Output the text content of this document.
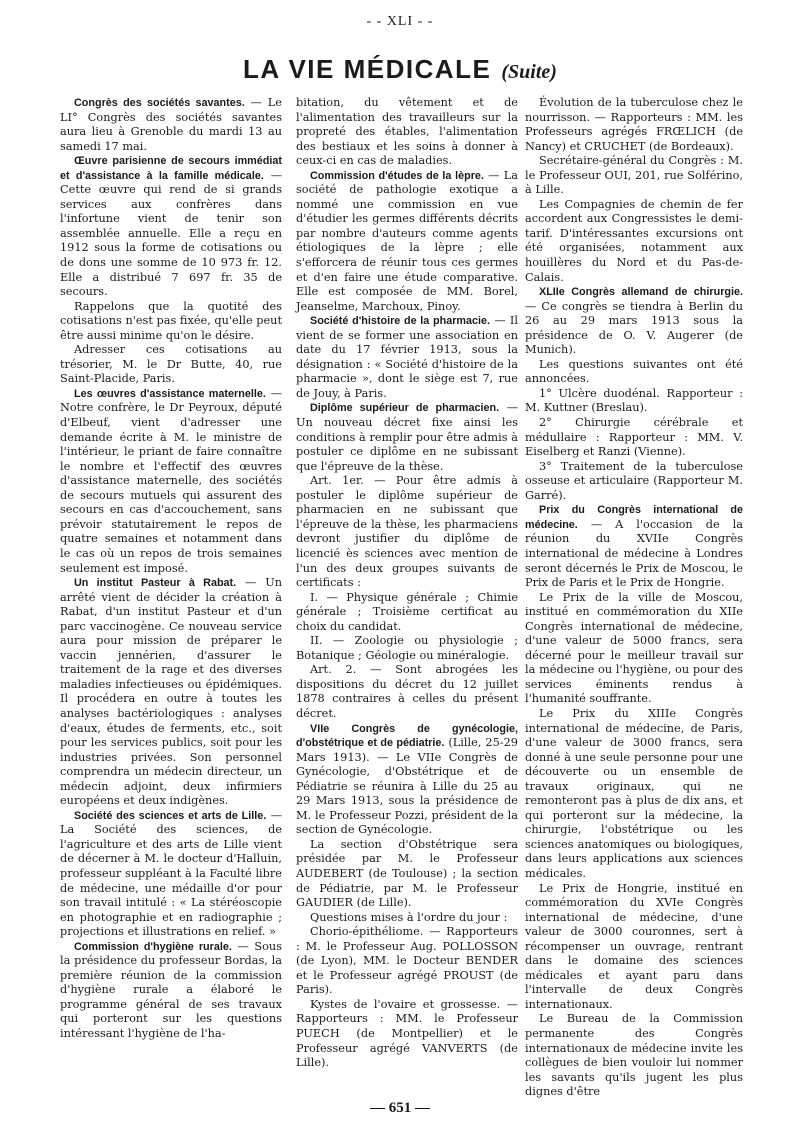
- - XLI - -
LA VIE MÉDICALE (Suite)

Congrès des sociétés savantes. — Le LI° Congrès des sociétés savantes aura lieu à Grenoble du mardi 13 au samedi 17 mai.

Œuvre parisienne de secours immédiat et d'assistance à la famille médicale. — Cette œuvre qui rend de si grands services aux confrères dans l'infortune vient de tenir son assemblée annuelle. Elle a reçu en 1912 sous la forme de cotisations ou de dons une somme de 10 973 fr. 12. Elle a distribué 7 697 fr. 35 de secours.

Rappelons que la quotité des cotisations n'est pas fixée, qu'elle peut être aussi minime qu'on le désire.

Adresser ces cotisations au trésorier, M. le Dr Butte, 40, rue Saint-Placide, Paris.

Les œuvres d'assistance maternelle. — Notre confrère, le Dr Peyroux, député d'Elbeuf, vient d'adresser une demande écrite à M. le ministre de l'intérieur, le priant de faire connaître le nombre et l'effectif des œuvres d'assistance maternelle, des sociétés de secours mutuels qui assurent des secours en cas d'accouchement, sans prévoir statutairement le repos de quatre semaines et notamment dans le cas où un repos de trois semaines seulement est imposé.

Un institut Pasteur à Rabat. — Un arrêté vient de décider la création à Rabat, d'un institut Pasteur et d'un parc vaccinogène. Ce nouveau service aura pour mission de préparer le vaccin jennérien, d'assurer le traitement de la rage et des diverses maladies infectieuses ou épidémiques. Il procédera en outre à toutes les analyses bactériologiques : analyses d'eaux, études de ferments, etc., soit pour les services publics, soit pour les industries privées. Son personnel comprendra un médecin directeur, un médecin adjoint, deux infirmiers européens et deux indigènes.

Société des sciences et arts de Lille. — La Société des sciences, de l'agriculture et des arts de Lille vient de décerner à M. le docteur d'Halluin, professeur suppléant à la Faculté libre de médecine, une médaille d'or pour son travail intitulé : « La stéréoscopie en photographie et en radiographie ; projections et illustrations en relief. »

Commission d'hygiène rurale. — Sous la présidence du professeur Bordas, la première réunion de la commission d'hygiène rurale a élaboré le programme général de ses travaux qui porteront sur les questions intéressant l'hygiène de l'ha-

bitation, du vêtement et de l'alimentation des travailleurs sur la propreté des étables, l'alimentation des bestiaux et les soins à donner à ceux-ci en cas de maladies.

Commission d'études de la lèpre. — La société de pathologie exotique a nommé une commission en vue d'étudier les germes différents décrits par nombre d'auteurs comme agents étiologiques de la lèpre ; elle s'efforcera de réunir tous ces germes et d'en faire une étude comparative. Elle est composée de MM. Borel, Jeanselme, Marchoux, Pinoy.

Société d'histoire de la pharmacie. — Il vient de se former une association en date du 17 février 1913, sous la désignation : « Société d'histoire de la pharmacie », dont le siège est 7, rue de Jouy, à Paris.

Diplôme supérieur de pharmacien. — Un nouveau décret fixe ainsi les conditions à remplir pour être admis à postuler ce diplôme en ne subissant que l'épreuve de la thèse.

Art. 1er. — Pour être admis à postuler le diplôme supérieur de pharmacien en ne subissant que l'épreuve de la thèse, les pharmaciens devront justifier du diplôme de licencié ès sciences avec mention de l'un des deux groupes suivants de certificats :

I. — Physique générale ; Chimie générale ; Troisième certificat au choix du candidat.

II. — Zoologie ou physiologie ; Botanique ; Géologie ou minéralogie.

Art. 2. — Sont abrogées les dispositions du décret du 12 juillet 1878 contraires à celles du présent décret.

VIIe Congrès de gynécologie, d'obstétrique et de pédiatrie. (Lille, 25-29 Mars 1913). — Le VIIe Congrès de Gynécologie, d'Obstétrique et de Pédiatrie se réunira à Lille du 25 au 29 Mars 1913, sous la présidence de M. le Professeur Pozzi, président de la section de Gynécologie.

La section d'Obstétrique sera présidée par M. le Professeur AUDEBERT (de Toulouse) ; la section de Pédiatrie, par M. le Professeur GAUDIER (de Lille).

Questions mises à l'ordre du jour :

Chorio-épithéliome. — Rapporteurs : M. le Professeur Aug. POLLOSSON (de Lyon), MM. le Docteur BENDER et le Professeur agrégé PROUST (de Paris).

Kystes de l'ovaire et grossesse. — Rapporteurs : MM. le Professeur PUECH (de Montpellier) et le Professeur agrégé VANVERTS (de Lille).

Évolution de la tuberculose chez le nourrisson. — Rapporteurs : MM. les Professeurs agrégés FRŒLICH (de Nancy) et CRUCHET (de Bordeaux).

Secrétaire-général du Congrès : M. le Professeur OUI, 201, rue Solférino, à Lille.

Les Compagnies de chemin de fer accordent aux Congressistes le demi-tarif. D'intéressantes excursions ont été organisées, notamment aux houillères du Nord et du Pas-de-Calais.

XLIIe Congrès allemand de chirurgie. — Ce congrès se tiendra à Berlin du 26 au 29 mars 1913 sous la présidence de O. V. Augerer (de Munich).

Les questions suivantes ont été annoncées.

1° Ulcère duodénal. Rapporteur : M. Kuttner (Breslau).

2° Chirurgie cérébrale et médullaire : Rapporteur : MM. V. Eiselberg et Ranzi (Vienne).

3° Traitement de la tuberculose osseuse et articulaire (Rapporteur M. Garré).

Prix du Congrès international de médecine. — A l'occasion de la réunion du XVIIe Congrès international de médecine à Londres seront décernés le Prix de Moscou, le Prix de Paris et le Prix de Hongrie.

Le Prix de la ville de Moscou, institué en commémoration du XIIe Congrès international de médecine, d'une valeur de 5000 francs, sera décerné pour le meilleur travail sur la médecine ou l'hygiène, ou pour des services éminents rendus à l'humanité souffrante.

Le Prix du XIIIe Congrès international de médecine, de Paris, d'une valeur de 3000 francs, sera donné à une seule personne pour une découverte ou un ensemble de travaux originaux, qui ne remonteront pas à plus de dix ans, et qui porteront sur la médecine, la chirurgie, l'obstétrique ou les sciences anatomiques ou biologiques, dans leurs applications aux sciences médicales.

Le Prix de Hongrie, institué en commémoration du XVIe Congrès international de médecine, d'une valeur de 3000 couronnes, sert à récompenser un ouvrage, rentrant dans le domaine des sciences médicales et ayant paru dans l'intervalle de deux Congrès internationaux.

Le Bureau de la Commission permanente des Congrès internationaux de médecine invite les collègues de bien vouloir lui nommer les savants qu'ils jugent les plus dignes d'être

— 651 —
